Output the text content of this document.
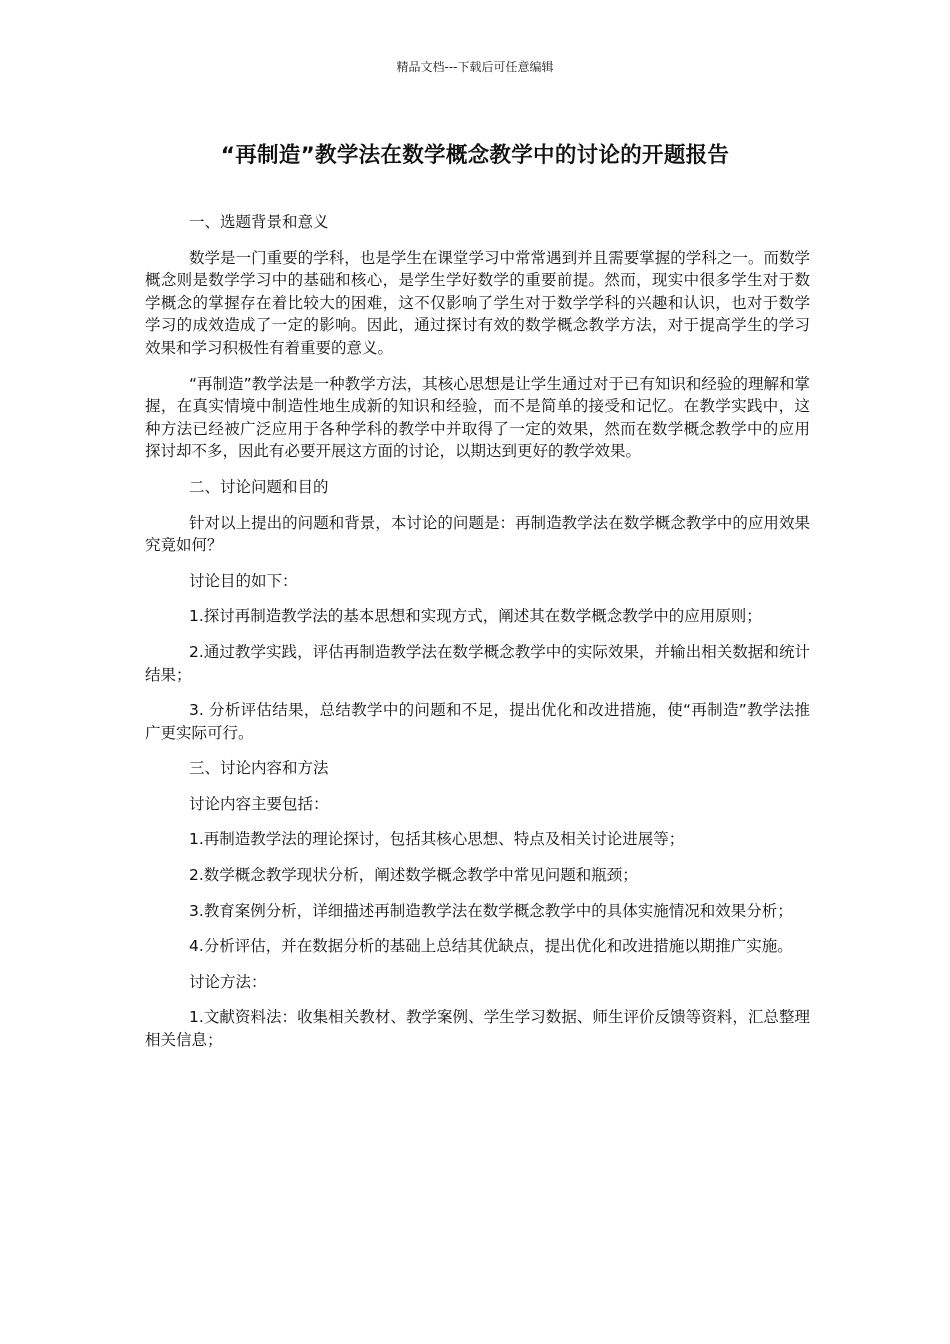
精品文档---下载后可任意编辑
“再制造”教学法在数学概念教学中的讨论的开题报告

一、选题背景和意义

数学是一门重要的学科，也是学生在课堂学习中常常遇到并且需要掌握的学科之一。而数学概念则是数学学习中的基础和核心，是学生学好数学的重要前提。然而，现实中很多学生对于数学概念的掌握存在着比较大的困难，这不仅影响了学生对于数学学科的兴趣和认识，也对于数学学习的成效造成了一定的影响。因此，通过探讨有效的数学概念教学方法，对于提高学生的学习效果和学习积极性有着重要的意义。

“再制造”教学法是一种教学方法，其核心思想是让学生通过对于已有知识和经验的理解和掌握，在真实情境中制造性地生成新的知识和经验，而不是简单的接受和记忆。在教学实践中，这种方法已经被广泛应用于各种学科的教学中并取得了一定的效果，然而在数学概念教学中的应用探讨却不多，因此有必要开展这方面的讨论，以期达到更好的教学效果。

二、讨论问题和目的

针对以上提出的问题和背景，本讨论的问题是：再制造教学法在数学概念教学中的应用效果究竟如何？

讨论目的如下：

1.探讨再制造教学法的基本思想和实现方式，阐述其在数学概念教学中的应用原则；

2.通过教学实践，评估再制造教学法在数学概念教学中的实际效果，并输出相关数据和统计结果；

3. 分析评估结果，总结教学中的问题和不足，提出优化和改进措施，使“再制造”教学法推广更实际可行。

三、讨论内容和方法

讨论内容主要包括：

1.再制造教学法的理论探讨，包括其核心思想、特点及相关讨论进展等；

2.数学概念教学现状分析，阐述数学概念教学中常见问题和瓶颈；

3.教育案例分析，详细描述再制造教学法在数学概念教学中的具体实施情况和效果分析；

4.分析评估，并在数据分析的基础上总结其优缺点，提出优化和改进措施以期推广实施。

讨论方法：

1.文献资料法：收集相关教材、教学案例、学生学习数据、师生评价反馈等资料，汇总整理相关信息；
